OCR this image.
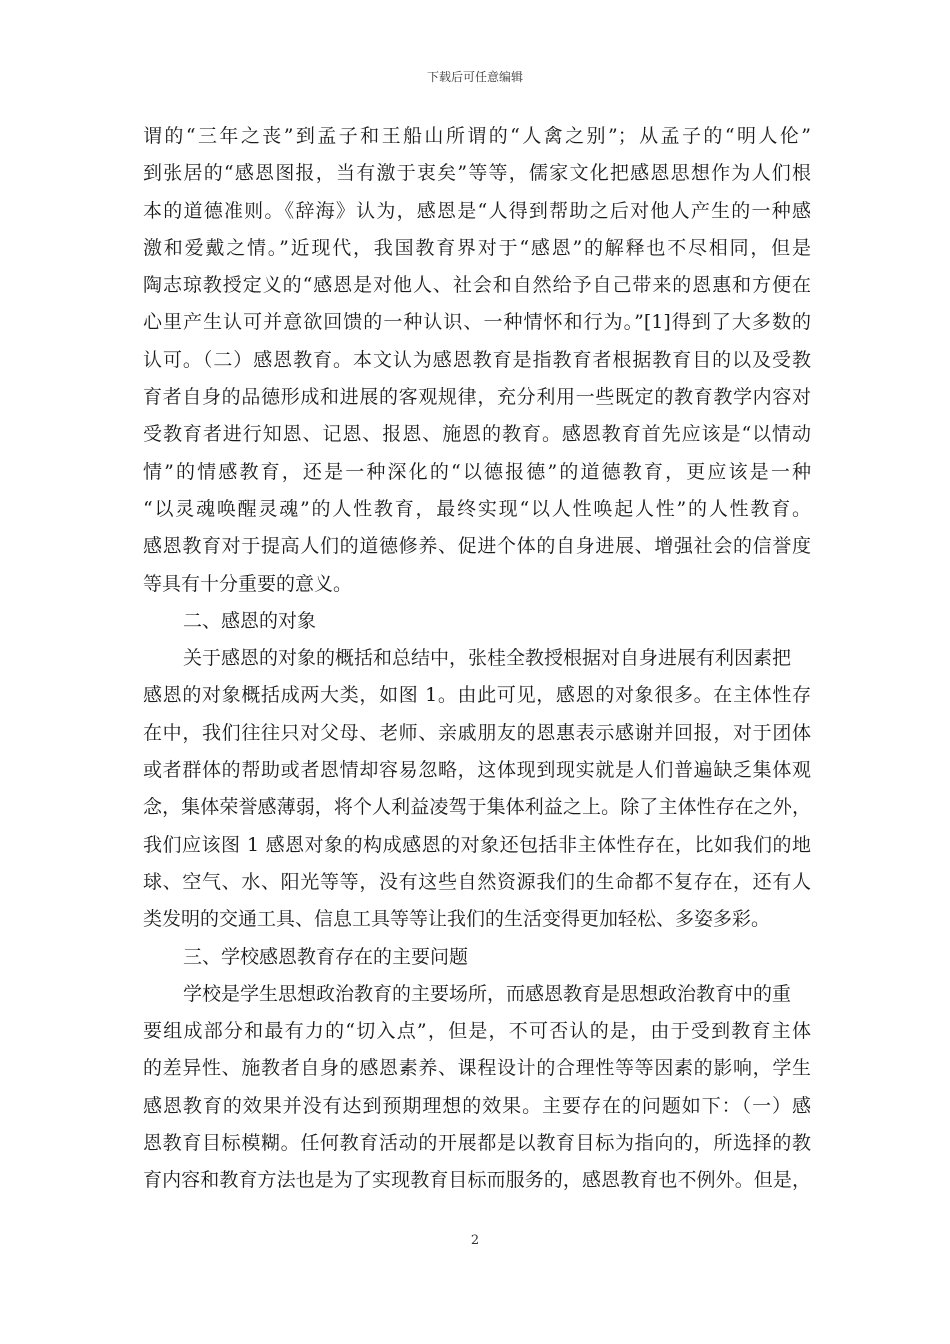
下载后可任意编辑
谓的“三年之丧”到孟子和王船山所谓的“人禽之别”；从孟子的“明人伦”
到张居的“感恩图报，当有激于衷矣”等等，儒家文化把感恩思想作为人们根
本的道德准则。《辞海》认为，感恩是“人得到帮助之后对他人产生的一种感
激和爱戴之情。”近现代，我国教育界对于“感恩”的解释也不尽相同，但是
陶志琼教授定义的“感恩是对他人、社会和自然给予自己带来的恩惠和方便在
心里产生认可并意欲回馈的一种认识、一种情怀和行为。”[1]得到了大多数的
认可。（二）感恩教育。本文认为感恩教育是指教育者根据教育目的以及受教
育者自身的品德形成和进展的客观规律，充分利用一些既定的教育教学内容对
受教育者进行知恩、记恩、报恩、施恩的教育。感恩教育首先应该是“以情动
情”的情感教育，还是一种深化的“以德报德”的道德教育，更应该是一种
“以灵魂唤醒灵魂”的人性教育，最终实现“以人性唤起人性”的人性教育。
感恩教育对于提高人们的道德修养、促进个体的自身进展、增强社会的信誉度
等具有十分重要的意义。
二、感恩的对象
关于感恩的对象的概括和总结中，张桂全教授根据对自身进展有利因素把
感恩的对象概括成两大类，如图 1。由此可见，感恩的对象很多。在主体性存
在中，我们往往只对父母、老师、亲戚朋友的恩惠表示感谢并回报，对于团体
或者群体的帮助或者恩情却容易忽略，这体现到现实就是人们普遍缺乏集体观
念，集体荣誉感薄弱，将个人利益凌驾于集体利益之上。除了主体性存在之外，
我们应该图 1 感恩对象的构成感恩的对象还包括非主体性存在，比如我们的地
球、空气、水、阳光等等，没有这些自然资源我们的生命都不复存在，还有人
类发明的交通工具、信息工具等等让我们的生活变得更加轻松、多姿多彩。
三、学校感恩教育存在的主要问题
学校是学生思想政治教育的主要场所，而感恩教育是思想政治教育中的重
要组成部分和最有力的“切入点”，但是，不可否认的是，由于受到教育主体
的差异性、施教者自身的感恩素养、课程设计的合理性等等因素的影响，学生
感恩教育的效果并没有达到预期理想的效果。主要存在的问题如下：（一）感
恩教育目标模糊。任何教育活动的开展都是以教育目标为指向的，所选择的教
育内容和教育方法也是为了实现教育目标而服务的，感恩教育也不例外。但是，
2
